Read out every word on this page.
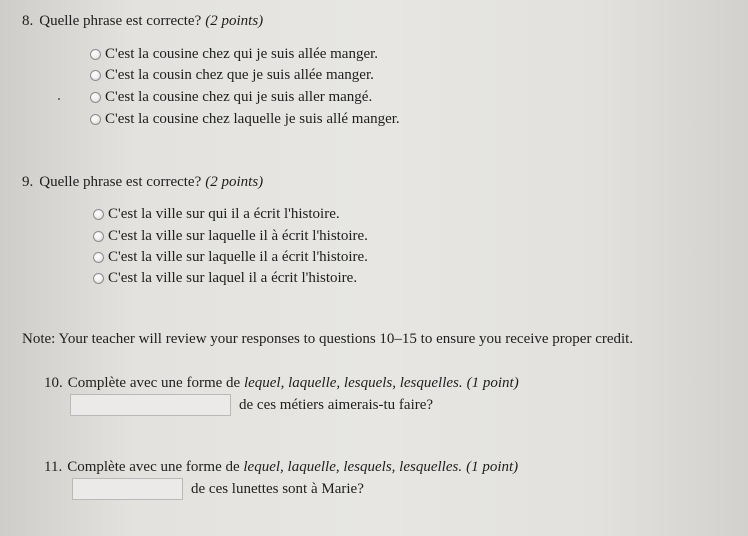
8. Quelle phrase est correcte? (2 points)
C'est la cousine chez qui je suis allée manger.
C'est la cousin chez que je suis allée manger.
C'est la cousine chez qui je suis aller mangé.
C'est la cousine chez laquelle je suis allé manger.
9. Quelle phrase est correcte? (2 points)
C'est la ville sur qui il a écrit l'histoire.
C'est la ville sur laquelle il à écrit l'histoire.
C'est la ville sur laquelle il a écrit l'histoire.
C'est la ville sur laquel il a écrit l'histoire.
Note: Your teacher will review your responses to questions 10–15 to ensure you receive proper credit.
10. Complète avec une forme de lequel, laquelle, lesquels, lesquelles. (1 point)
de ces métiers aimerais-tu faire?
11. Complète avec une forme de lequel, laquelle, lesquels, lesquelles. (1 point)
de ces lunettes sont à Marie?
